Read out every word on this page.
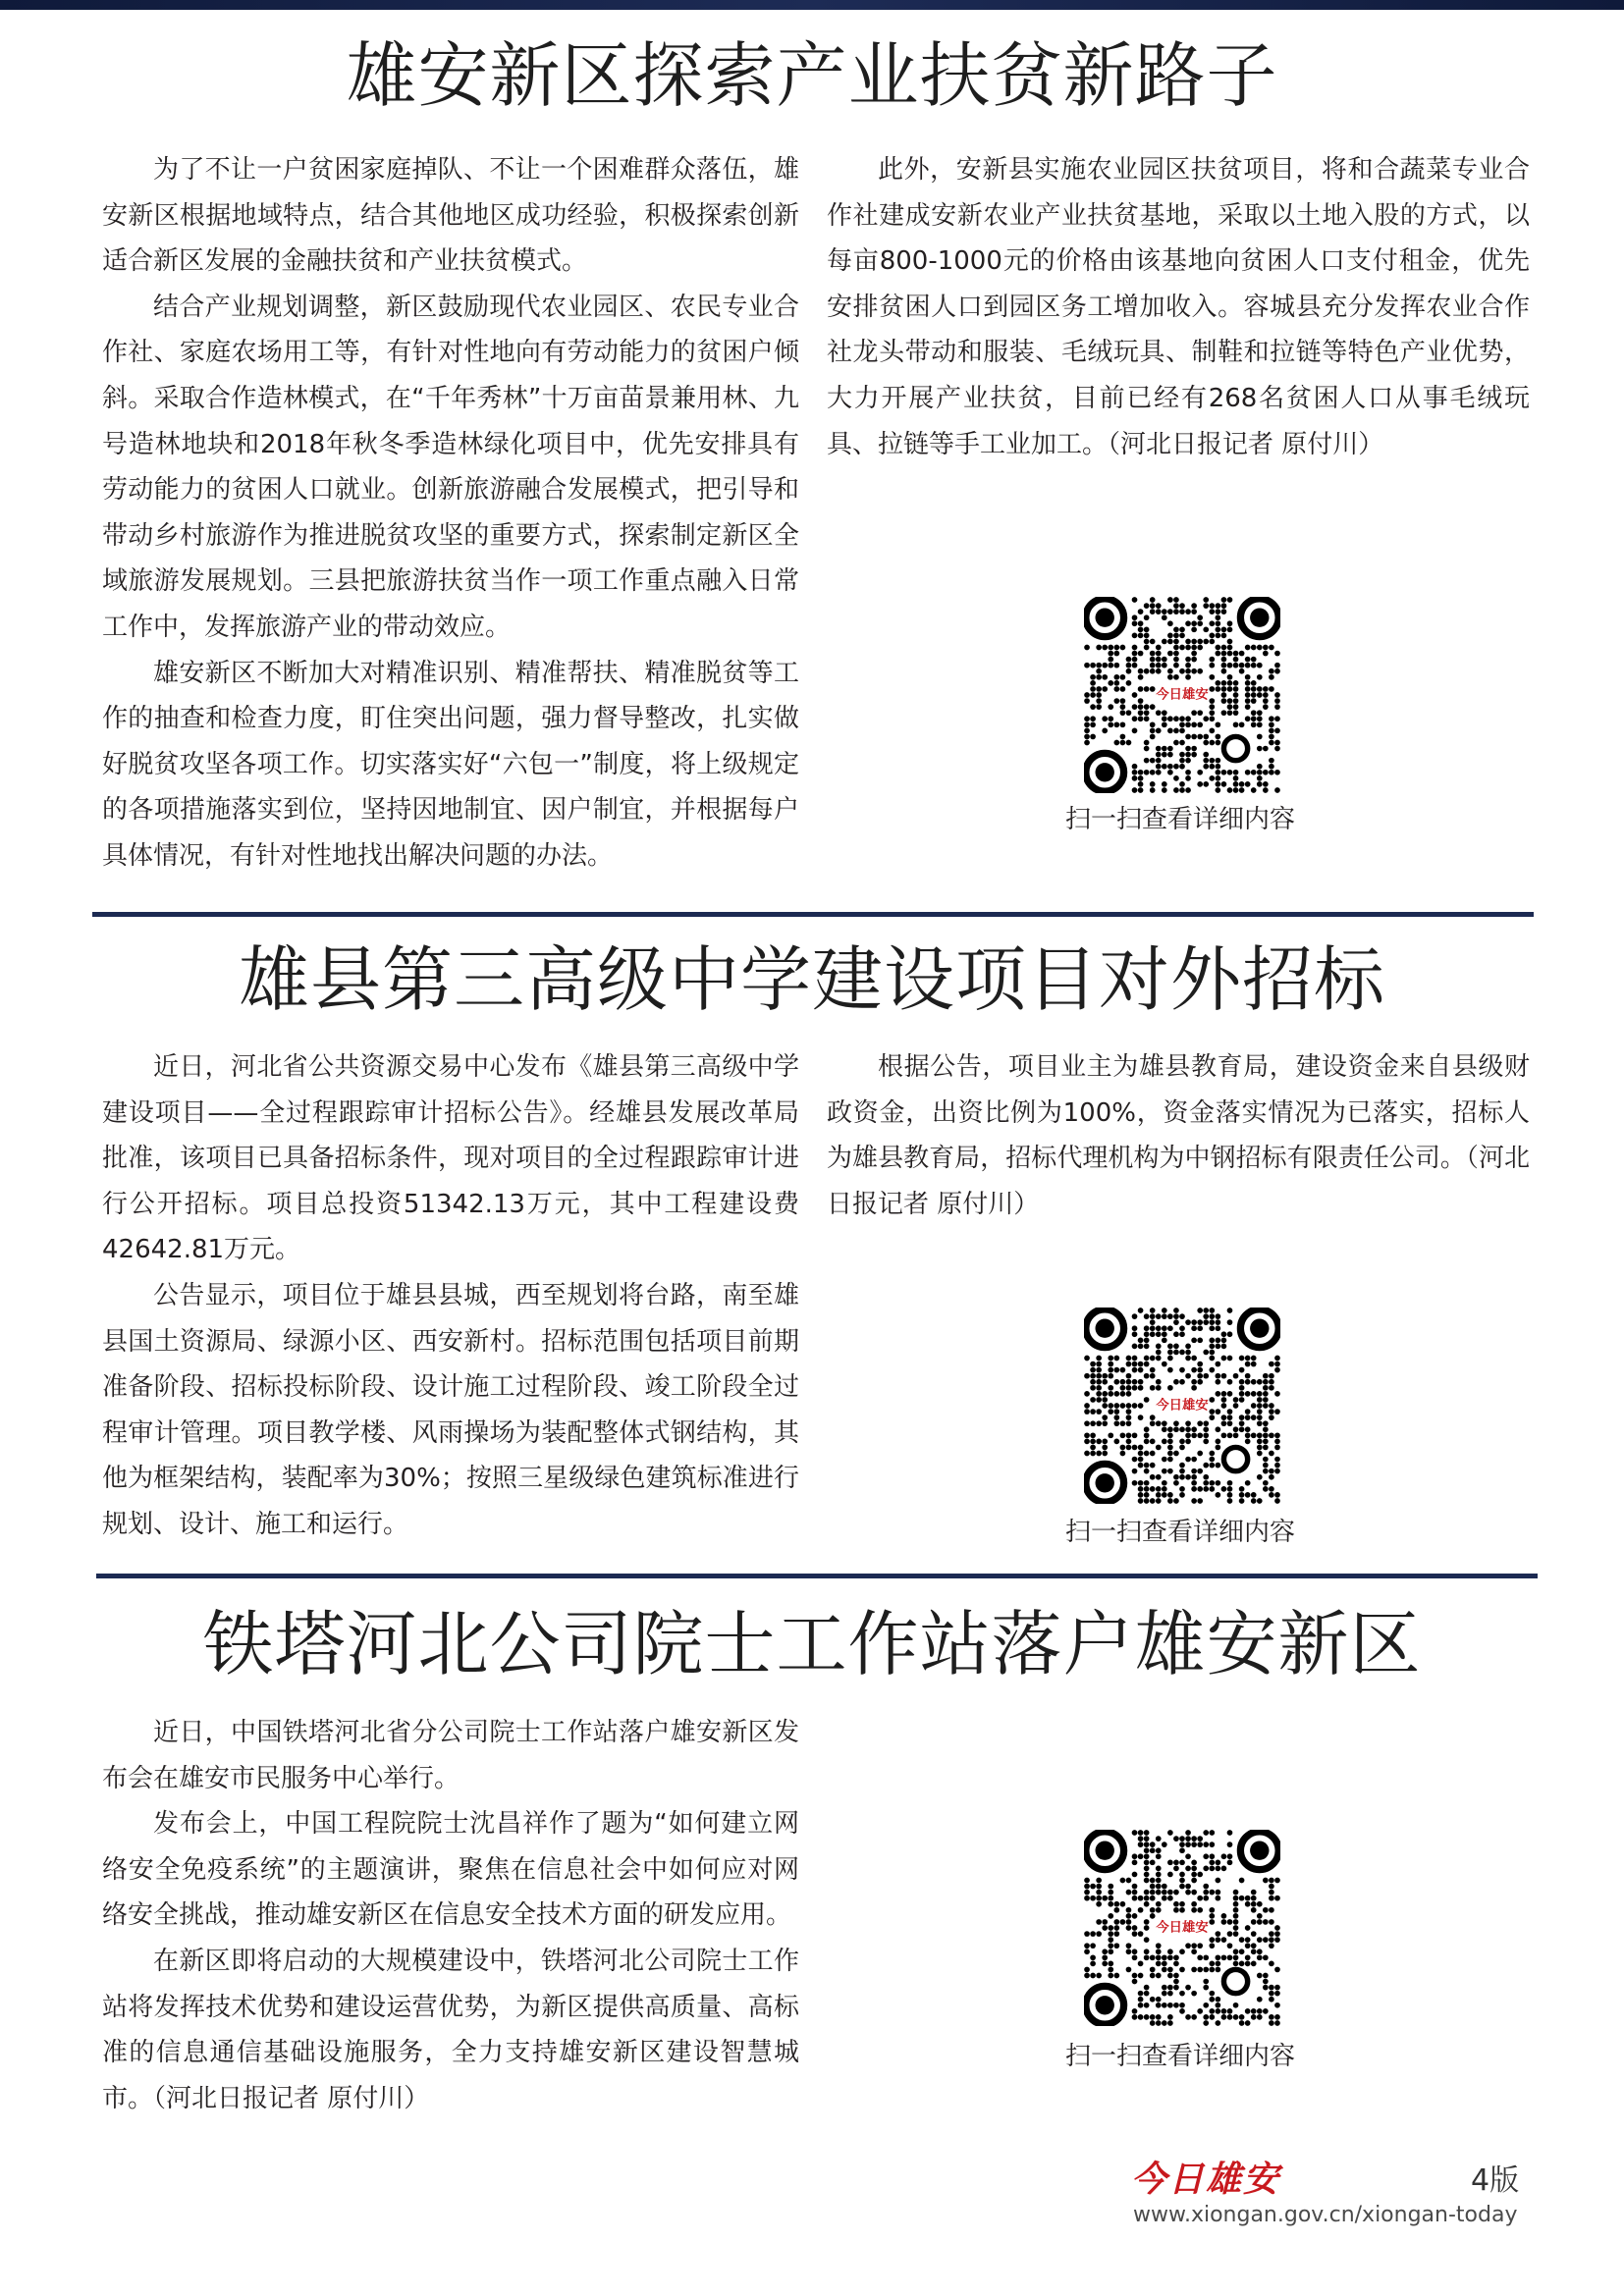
雄安新区探索产业扶贫新路子

为了不让一户贫困家庭掉队、不让一个困难群众落伍，雄安新区根据地域特点，结合其他地区成功经验，积极探索创新适合新区发展的金融扶贫和产业扶贫模式。

结合产业规划调整，新区鼓励现代农业园区、农民专业合作社、家庭农场用工等，有针对性地向有劳动能力的贫困户倾斜。采取合作造林模式，在“千年秀林”十万亩苗景兼用林、九号造林地块和2018年秋冬季造林绿化项目中，优先安排具有劳动能力的贫困人口就业。创新旅游融合发展模式，把引导和带动乡村旅游作为推进脱贫攻坚的重要方式，探索制定新区全域旅游发展规划。三县把旅游扶贫当作一项工作重点融入日常工作中，发挥旅游产业的带动效应。

雄安新区不断加大对精准识别、精准帮扶、精准脱贫等工作的抽查和检查力度，盯住突出问题，强力督导整改，扎实做好脱贫攻坚各项工作。切实落实好“六包一”制度，将上级规定的各项措施落实到位，坚持因地制宜、因户制宜，并根据每户具体情况，有针对性地找出解决问题的办法。

此外，安新县实施农业园区扶贫项目，将和合蔬菜专业合作社建成安新农业产业扶贫基地，采取以土地入股的方式，以每亩800-1000元的价格由该基地向贫困人口支付租金，优先安排贫困人口到园区务工增加收入。容城县充分发挥农业合作社龙头带动和服装、毛绒玩具、制鞋和拉链等特色产业优势，大力开展产业扶贫，目前已经有268名贫困人口从事毛绒玩具、拉链等手工业加工。（河北日报记者 原付川）

今日雄安
扫一扫查看详细内容
雄县第三高级中学建设项目对外招标

近日，河北省公共资源交易中心发布《雄县第三高级中学建设项目——全过程跟踪审计招标公告》。经雄县发展改革局批准，该项目已具备招标条件，现对项目的全过程跟踪审计进行公开招标。项目总投资51342.13万元，其中工程建设费42642.81万元。

公告显示，项目位于雄县县城，西至规划将台路，南至雄县国土资源局、绿源小区、西安新村。招标范围包括项目前期准备阶段、招标投标阶段、设计施工过程阶段、竣工阶段全过程审计管理。项目教学楼、风雨操场为装配整体式钢结构，其他为框架结构，装配率为30%；按照三星级绿色建筑标准进行规划、设计、施工和运行。

根据公告，项目业主为雄县教育局，建设资金来自县级财政资金，出资比例为100%，资金落实情况为已落实，招标人为雄县教育局，招标代理机构为中钢招标有限责任公司。（河北日报记者 原付川）

今日雄安
扫一扫查看详细内容
铁塔河北公司院士工作站落户雄安新区

近日，中国铁塔河北省分公司院士工作站落户雄安新区发布会在雄安市民服务中心举行。

发布会上，中国工程院院士沈昌祥作了题为“如何建立网络安全免疫系统”的主题演讲，聚焦在信息社会中如何应对网络安全挑战，推动雄安新区在信息安全技术方面的研发应用。

在新区即将启动的大规模建设中，铁塔河北公司院士工作站将发挥技术优势和建设运营优势，为新区提供高质量、高标准的信息通信基础设施服务，全力支持雄安新区建设智慧城市。（河北日报记者 原付川）

今日雄安
扫一扫查看详细内容
今日雄安	4版
www.xiongan.gov.cn/xiongan-today
